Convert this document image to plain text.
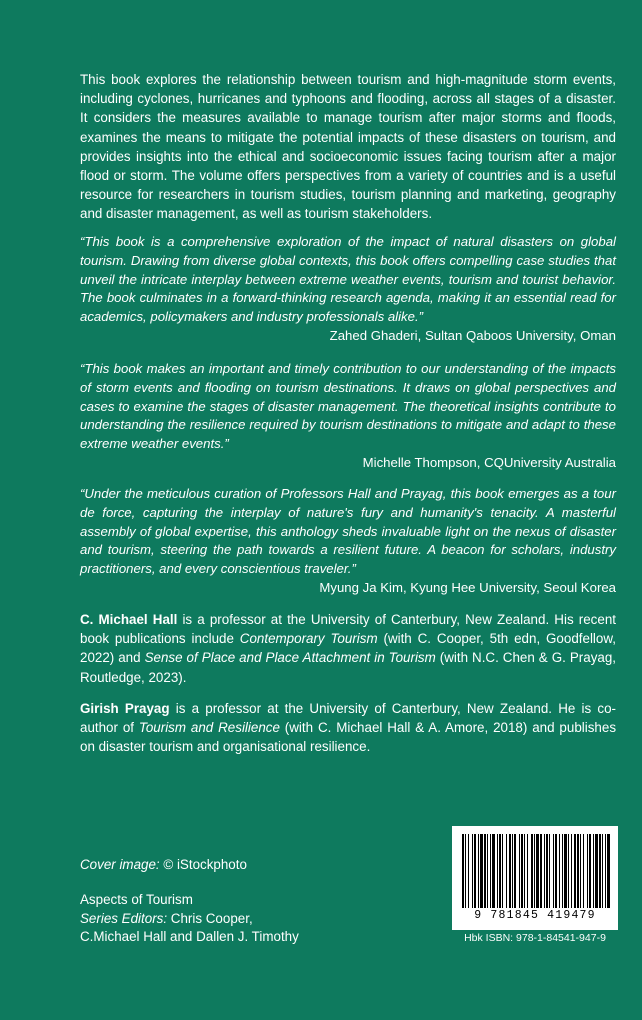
This book explores the relationship between tourism and high-magnitude storm events, including cyclones, hurricanes and typhoons and flooding, across all stages of a disaster. It considers the measures available to manage tourism after major storms and floods, examines the means to mitigate the potential impacts of these disasters on tourism, and provides insights into the ethical and socioeconomic issues facing tourism after a major flood or storm. The volume offers perspectives from a variety of countries and is a useful resource for researchers in tourism studies, tourism planning and marketing, geography and disaster management, as well as tourism stakeholders.

“This book is a comprehensive exploration of the impact of natural disasters on global tourism. Drawing from diverse global contexts, this book offers compelling case studies that unveil the intricate interplay between extreme weather events, tourism and tourist behavior. The book culminates in a forward-thinking research agenda, making it an essential read for academics, policymakers and industry professionals alike.”

Zahed Ghaderi, Sultan Qaboos University, Oman

“This book makes an important and timely contribution to our understanding of the impacts of storm events and flooding on tourism destinations. It draws on global perspectives and cases to examine the stages of disaster management. The theoretical insights contribute to understanding the resilience required by tourism destinations to mitigate and adapt to these extreme weather events.”

Michelle Thompson, CQUniversity Australia

“Under the meticulous curation of Professors Hall and Prayag, this book emerges as a tour de force, capturing the interplay of nature's fury and humanity's tenacity. A masterful assembly of global expertise, this anthology sheds invaluable light on the nexus of disaster and tourism, steering the path towards a resilient future. A beacon for scholars, industry practitioners, and every conscientious traveler.”

Myung Ja Kim, Kyung Hee University, Seoul Korea

C. Michael Hall is a professor at the University of Canterbury, New Zealand. His recent book publications include Contemporary Tourism (with C. Cooper, 5th edn, Goodfellow, 2022) and Sense of Place and Place Attachment in Tourism (with N.C. Chen & G. Prayag, Routledge, 2023).

Girish Prayag is a professor at the University of Canterbury, New Zealand. He is co-author of Tourism and Resilience (with C. Michael Hall & A. Amore, 2018) and publishes on disaster tourism and organisational resilience.

Cover image: © iStockphoto
Aspects of Tourism
Series Editors: Chris Cooper,
C.Michael Hall and Dallen J. Timothy
9 781845 419479
Hbk ISBN: 978-1-84541-947-9
